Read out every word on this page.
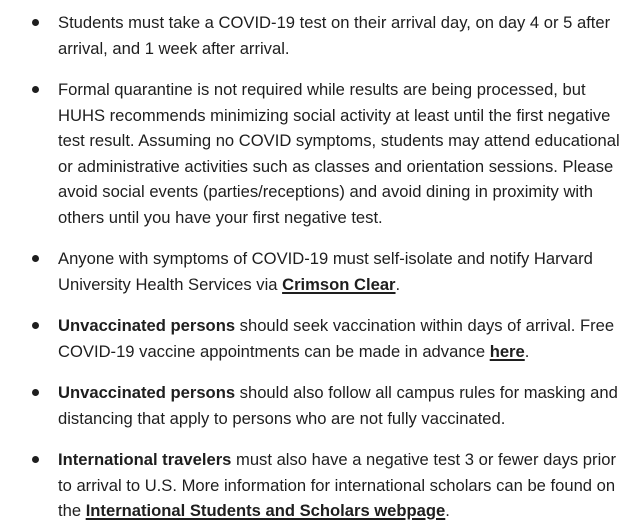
Students must take a COVID-19 test on their arrival day, on day 4 or 5 after arrival, and 1 week after arrival.
Formal quarantine is not required while results are being processed, but HUHS recommends minimizing social activity at least until the first negative test result. Assuming no COVID symptoms, students may attend educational or administrative activities such as classes and orientation sessions. Please avoid social events (parties/receptions) and avoid dining in proximity with others until you have your first negative test.
Anyone with symptoms of COVID-19 must self-isolate and notify Harvard University Health Services via Crimson Clear.
Unvaccinated persons should seek vaccination within days of arrival. Free COVID-19 vaccine appointments can be made in advance here.
Unvaccinated persons should also follow all campus rules for masking and distancing that apply to persons who are not fully vaccinated.
International travelers must also have a negative test 3 or fewer days prior to arrival to U.S. More information for international scholars can be found on the International Students and Scholars webpage.
